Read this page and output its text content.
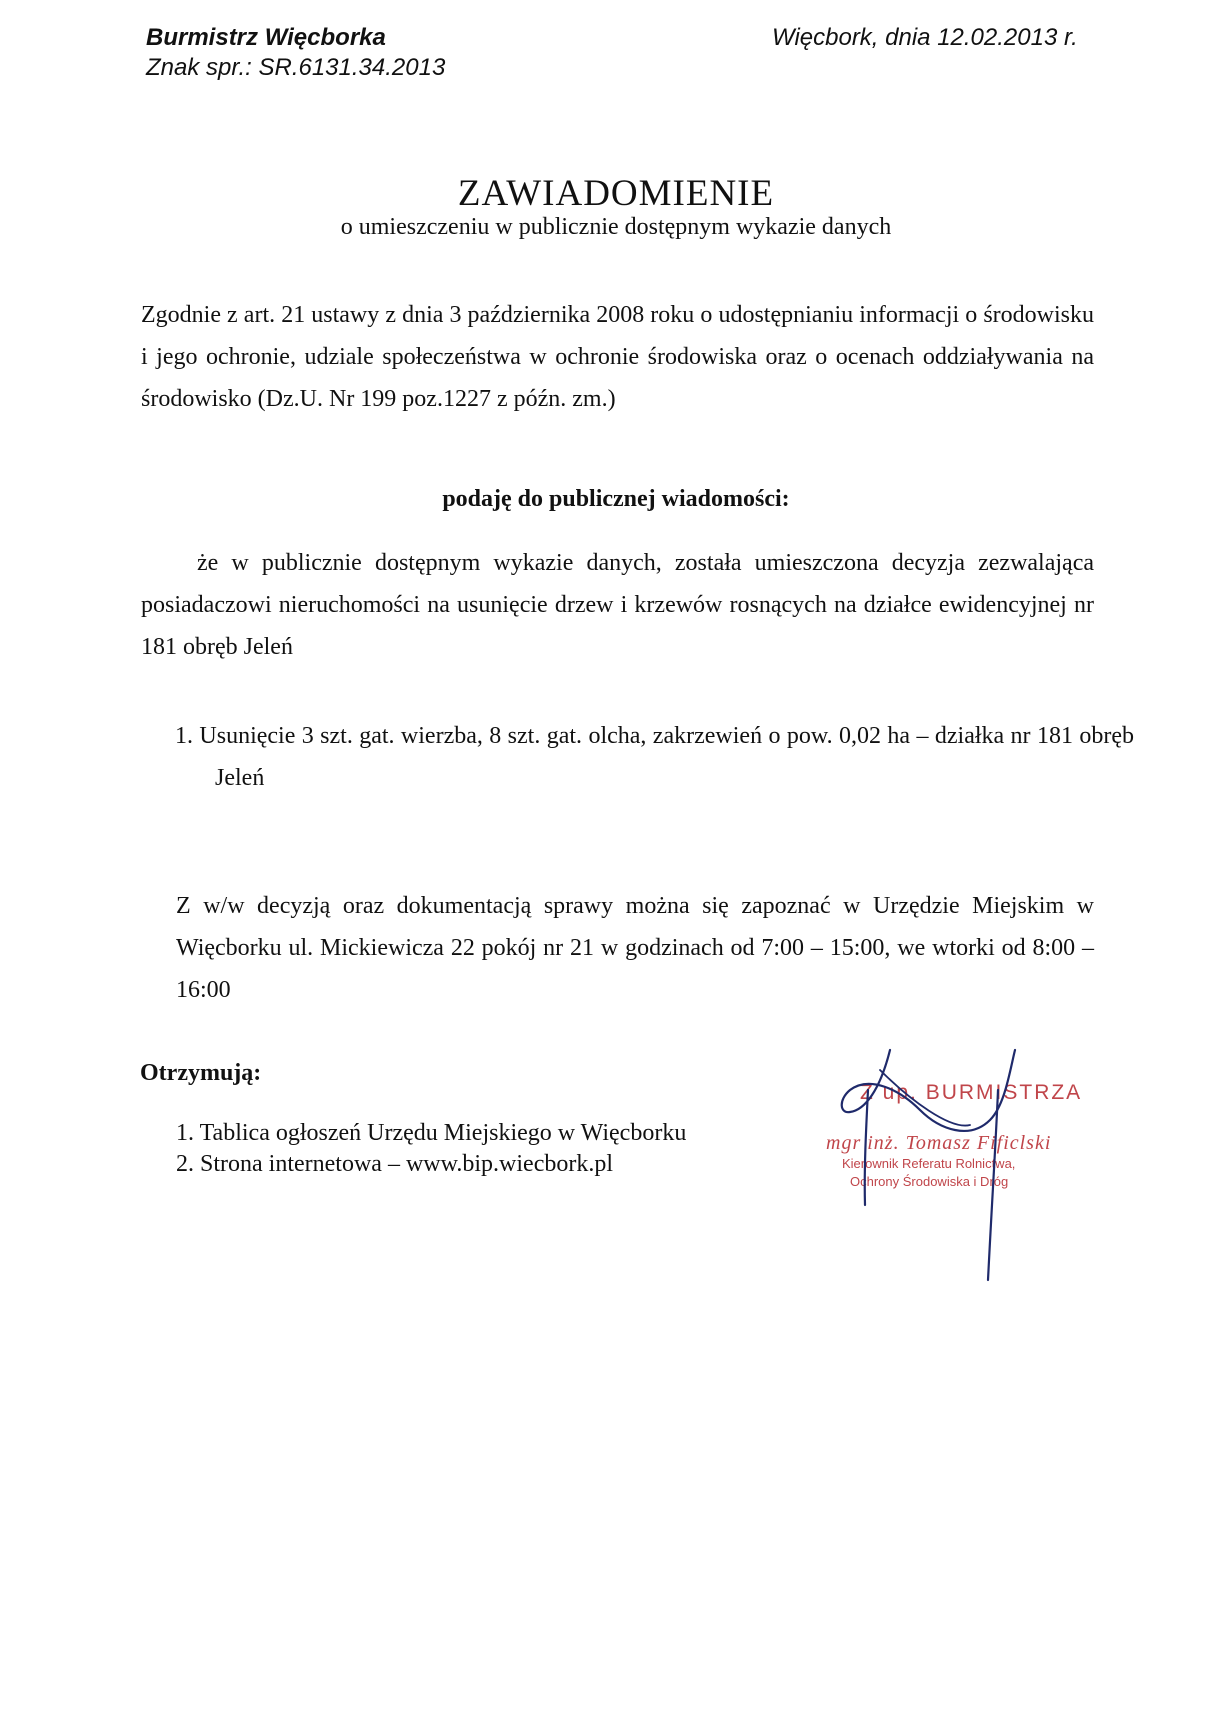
Burmistrz Więcborka
Znak spr.: SR.6131.34.2013
Więcbork, dnia 12.02.2013 r.
ZAWIADOMIENIE
o umieszczeniu w publicznie dostępnym wykazie danych
Zgodnie z art. 21 ustawy z dnia 3 października 2008 roku o udostępnianiu informacji o środowisku i jego ochronie, udziale społeczeństwa w ochronie środowiska oraz o ocenach oddziaływania na środowisko (Dz.U. Nr 199 poz.1227 z późn. zm.)
podaję do publicznej wiadomości:
że w publicznie dostępnym wykazie danych, została umieszczona decyzja zezwalająca posiadaczowi nieruchomości na usunięcie drzew i krzewów rosnących na działce ewidencyjnej nr 181 obręb Jeleń
1. Usunięcie 3 szt. gat. wierzba, 8 szt. gat. olcha, zakrzewień o pow. 0,02 ha – działka nr 181 obręb Jeleń
Z w/w decyzją oraz dokumentacją sprawy można się zapoznać w Urzędzie Miejskim w Więcborku ul. Mickiewicza 22 pokój nr 21 w godzinach od 7:00 – 15:00, we wtorki od 8:00 – 16:00
Otrzymują:
1. Tablica ogłoszeń Urzędu Miejskiego w Więcborku
2. Strona internetowa – www.bip.wiecbork.pl
Z up. BURMISTRZA
mgr inż. Tomasz Fificlski
Kierownik Referatu Rolnictwa,
Ochrony Środowiska i Dróg
